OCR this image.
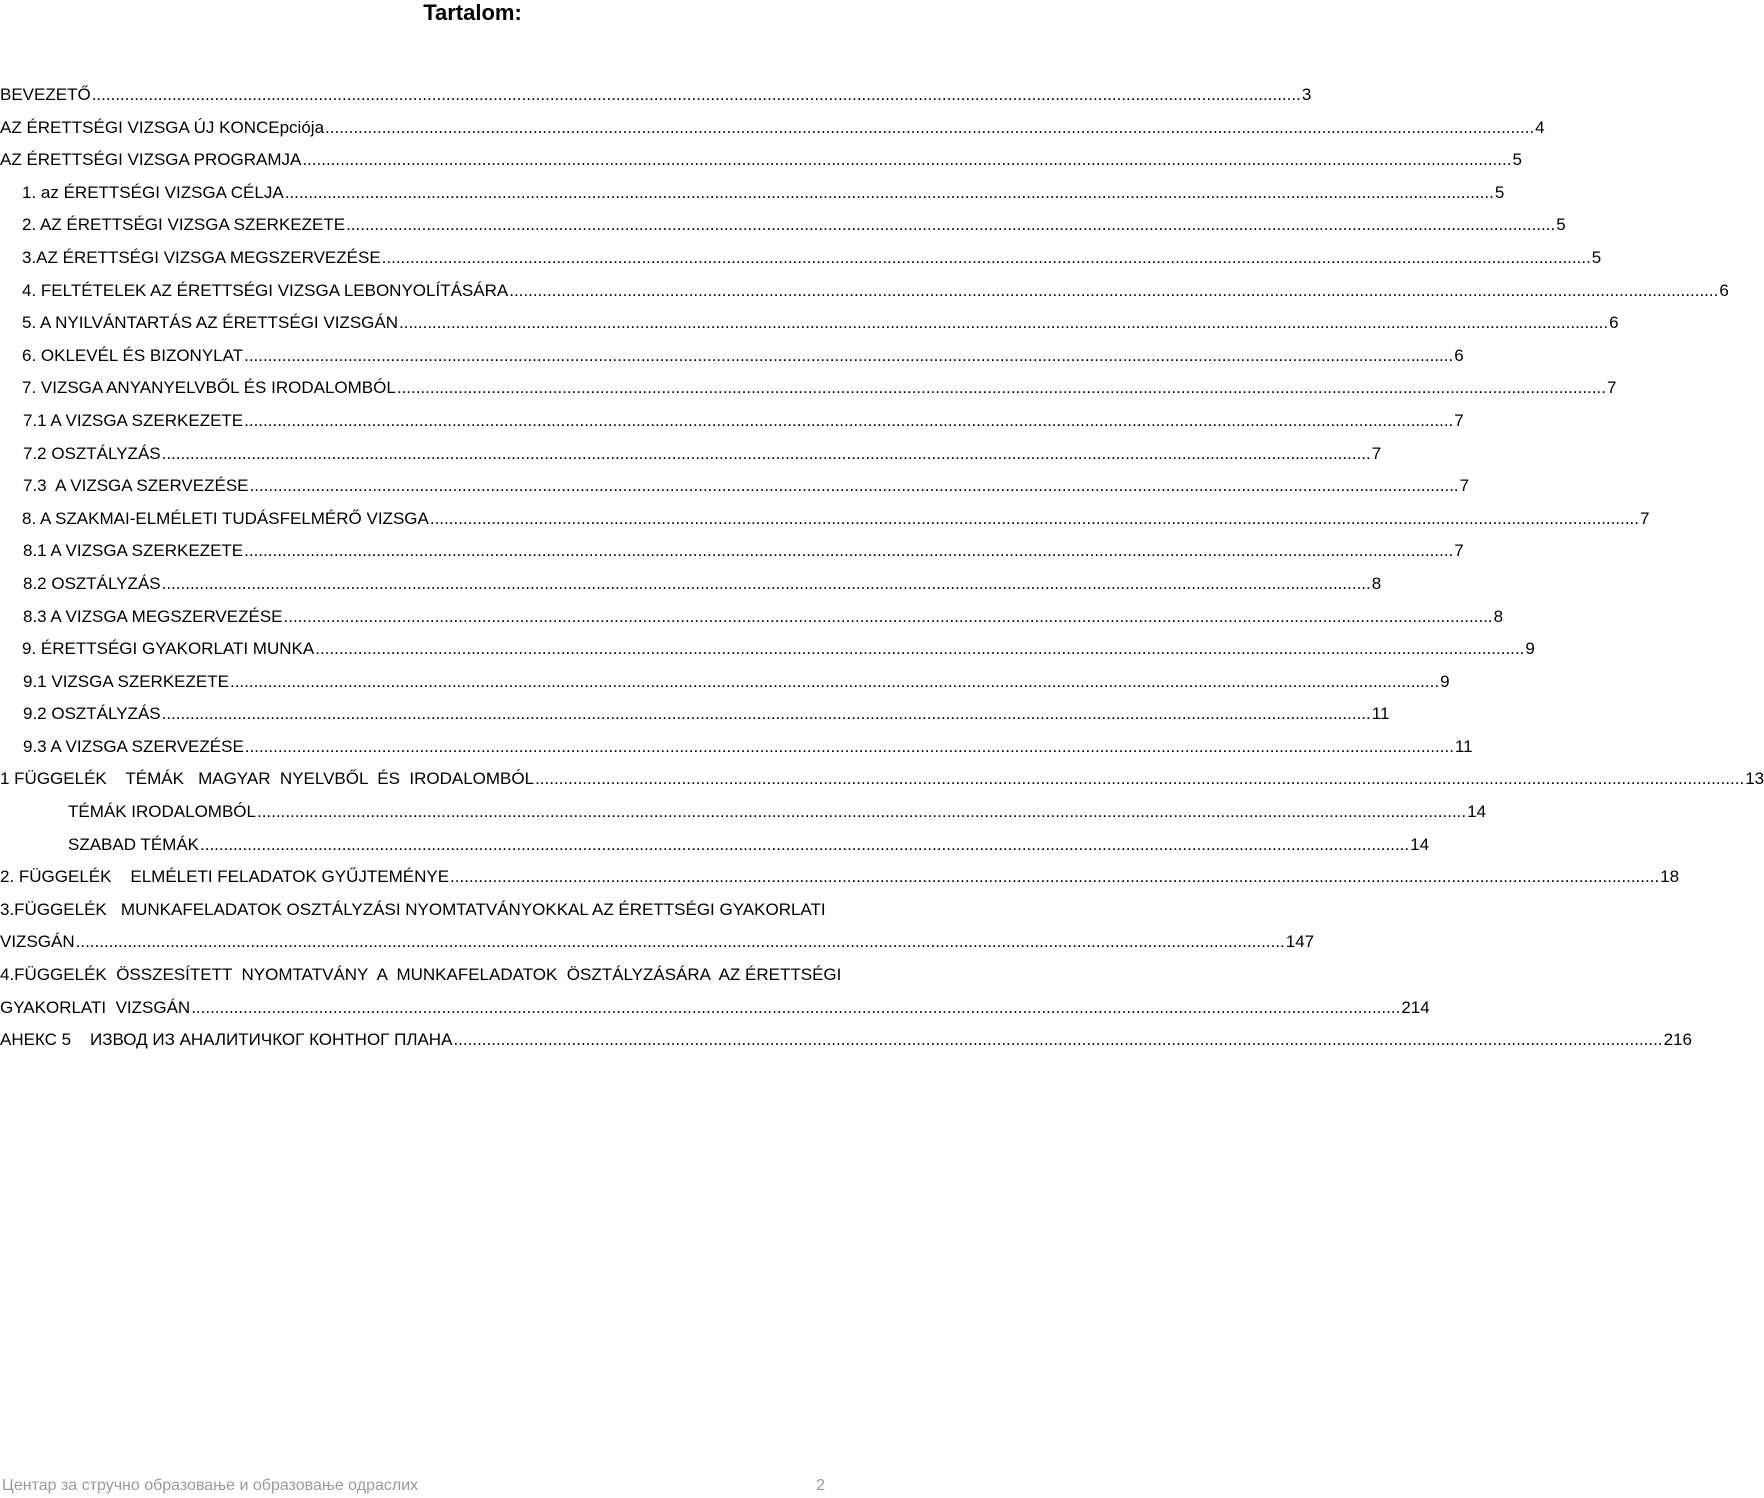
Tartalom:
BEVEZETŐ .....	3
AZ ÉRETTSÉGI VIZSGA ÚJ KONCEpciója .....	4
AZ ÉRETTSÉGI VIZSGA PROGRAMJA .....	5
1. az ÉRETTSÉGI VIZSGA CÉLJA .....	5
2. AZ ÉRETTSÉGI VIZSGA SZERKEZETE .....	5
3.AZ ÉRETTSÉGI VIZSGA MEGSZERVEZÉSE .....	5
4. FELTÉTELEK AZ ÉRETTSÉGI VIZSGA LEBONYOLÍTÁSÁRA .....	6
5. A NYILVÁNTARTÁS AZ ÉRETTSÉGI VIZSGÁN .....	6
6. OKLEVÉL ÉS BIZONYLAT .....	6
7. VIZSGA ANYANYELVBŐL ÉS IRODALOMBÓL .....	7
7.1 A VIZSGA SZERKEZETE .....	7
7.2 OSZTÁLYZÁS .....	7
7.3  A VIZSGA SZERVEZÉSE .....	7
8. A SZAKMAI-ELMÉLETI TUDÁSFELMÉRŐ VIZSGA .....	7
8.1 A VIZSGA SZERKEZETE .....	7
8.2 OSZTÁLYZÁS .....	8
8.3 A VIZSGA MEGSZERVEZÉSE .....	8
9. ÉRETTSÉGI GYAKORLATI MUNKA .....	9
9.1 VIZSGA SZERKEZETE .....	9
9.2 OSZTÁLYZÁS .....	11
9.3 A VIZSGA SZERVEZÉSE .....	11
1 FÜGGELÉK    TÉMÁK   MAGYAR  NYELVBŐL  ÉS  IRODALOMBÓL .....	13
TÉMÁK IRODALOMBÓL .....	14
SZABAD TÉMÁK .....	14
2. FÜGGELÉK    ELMÉLETI FELADATOK GYŰJTEMÉNYE .....	18
3.FÜGGELÉK   MUNKAFELADATOK OSZTÁLYZÁSI NYOMTATVÁNYOKKAL AZ ÉRETTSÉGI GYAKORLATI
VIZSGÁN .....	147
4.FÜGGELÉK  ÖSSZESÍTETT  NYOMTATVÁNY  A  MUNKAFELADATOK  ÖSZTÁLYZÁSÁRA  AZ ÉRETTSÉGI
GYAKORLATI  VIZSGÁN .....	214
АНЕКС 5    ИЗВОД ИЗ АНАЛИТИЧКОГ КОНТНОГ ПЛАНА .....	216
Центар за стручно образовање и образовање одраслих	2
